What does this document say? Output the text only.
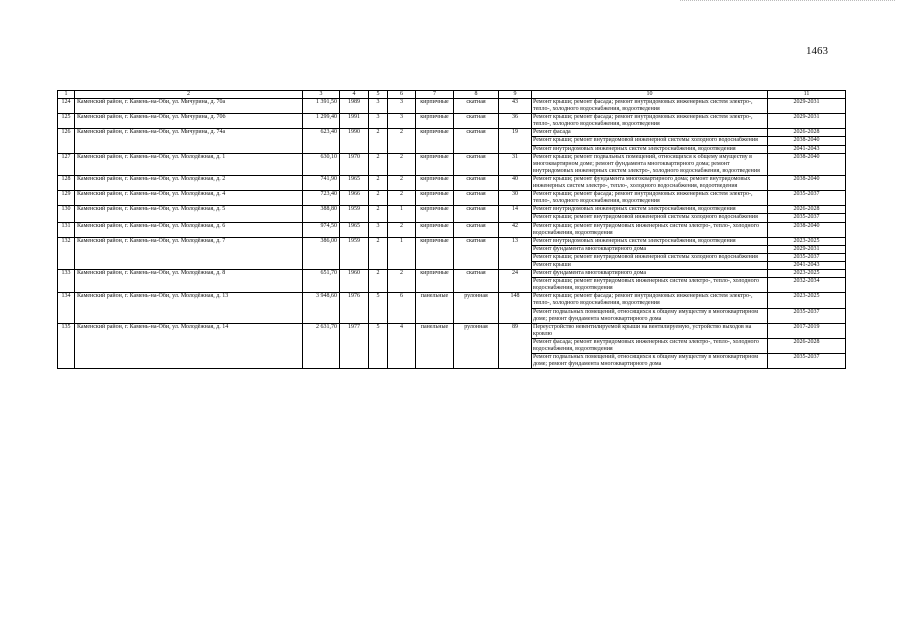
1463
1	2	3	4	5	6	7	8	9	10	11
124	Каменский район, г. Камень-на-Оби, ул. Мичурина, д. 70а	1 391,50	1989	3	3	кирпичные	скатная	43	Ремонт крыши; ремонт фасада; ремонт внутридомовых инженерных систем электро-, тепло-, холодного водоснабжения, водоотведения	2029-2031
125	Каменский район, г. Камень-на-Оби, ул. Мичурина, д. 70б	1 299,40	1991	3	3	кирпичные	скатная	36	Ремонт крыши; ремонт фасада; ремонт внутридомовых инженерных систем электро-, тепло-, холодного водоснабжения, водоотведения	2029-2031
126	Каменский район, г. Камень-на-Оби, ул. Мичурина, д. 74а	623,40	1990	2	2	кирпичные	скатная	19	Ремонт фасада	2026-2028
									Ремонт крыши; ремонт внутридомовой инженерной системы холодного водоснабжения	2038-2040
									Ремонт внутридомовых инженерных систем электроснабжения, водоотведения	2041-2043
127	Каменский район, г. Камень-на-Оби, ул. Молодёжная, д. 1	630,10	1970	2	2	кирпичные	скатная	31	Ремонт крыши; ремонт подвальных помещений, относящихся к общему имуществу в многоквартирном доме; ремонт фундамента многоквартирного дома; ремонт внутридомовых инженерных систем электро-, холодного водоснабжения, водоотведения	2038-2040
128	Каменский район, г. Камень-на-Оби, ул. Молодёжная, д. 2	741,90	1965	2	2	кирпичные	скатная	40	Ремонт крыши; ремонт фундамента многоквартирного дома; ремонт внутридомовых инженерных систем электро-, тепло-, холодного водоснабжения, водоотведения	2038-2040
129	Каменский район, г. Камень-на-Оби, ул. Молодёжная, д. 4	723,40	1966	2	2	кирпичные	скатная	30	Ремонт крыши; ремонт фасада; ремонт внутридомовых инженерных систем электро-, тепло-, холодного водоснабжения, водоотведения	2035-2037
130	Каменский район, г. Камень-на-Оби, ул. Молодёжная, д. 5	388,80	1959	2	1	кирпичные	скатная	14	Ремонт внутридомовых инженерных систем электроснабжения, водоотведения	2026-2028
									Ремонт крыши; ремонт внутридомовой инженерной системы холодного водоснабжения	2035-2037
131	Каменский район, г. Камень-на-Оби, ул. Молодёжная, д. 6	974,50	1965	3	2	кирпичные	скатная	42	Ремонт крыши; ремонт внутридомовых инженерных систем электро-, тепло-, холодного водоснабжения, водоотведения	2038-2040
132	Каменский район, г. Камень-на-Оби, ул. Молодёжная, д. 7	386,00	1959	2	1	кирпичные	скатная	13	Ремонт внутридомовых инженерных систем электроснабжения, водоотведения	2023-2025
									Ремонт фундамента многоквартирного дома	2029-2031
									Ремонт крыши; ремонт внутридомовой инженерной системы холодного водоснабжения	2035-2037
									Ремонт крыши	2041-2043
133	Каменский район, г. Камень-на-Оби, ул. Молодёжная, д. 8	651,70	1960	2	2	кирпичные	скатная	24	Ремонт фундамента многоквартирного дома	2023-2025
									Ремонт крыши; ремонт внутридомовых инженерных систем электро-, тепло-, холодного водоснабжения, водоотведения	2032-2034
134	Каменский район, г. Камень-на-Оби, ул. Молодёжная, д. 13	3 948,60	1976	5	6	панельные	рулонная	148	Ремонт крыши; ремонт фасада; ремонт внутридомовых инженерных систем электро-, тепло-, холодного водоснабжения, водоотведения	2023-2025
									Ремонт подвальных помещений, относящихся к общему имуществу в многоквартирном доме; ремонт фундамента многоквартирного дома	2035-2037
135	Каменский район, г. Камень-на-Оби, ул. Молодёжная, д. 14	2 631,70	1977	5	4	панельные	рулонная	89	Переустройство невентилируемой крыши на вентилируемую, устройство выходов на кровлю	2017-2019
									Ремонт фасада; ремонт внутридомовых инженерных систем электро-, тепло-, холодного водоснабжения, водоотведения	2026-2028
									Ремонт подвальных помещений, относящихся к общему имуществу в многоквартирном доме; ремонт фундамента многоквартирного дома	2035-2037
